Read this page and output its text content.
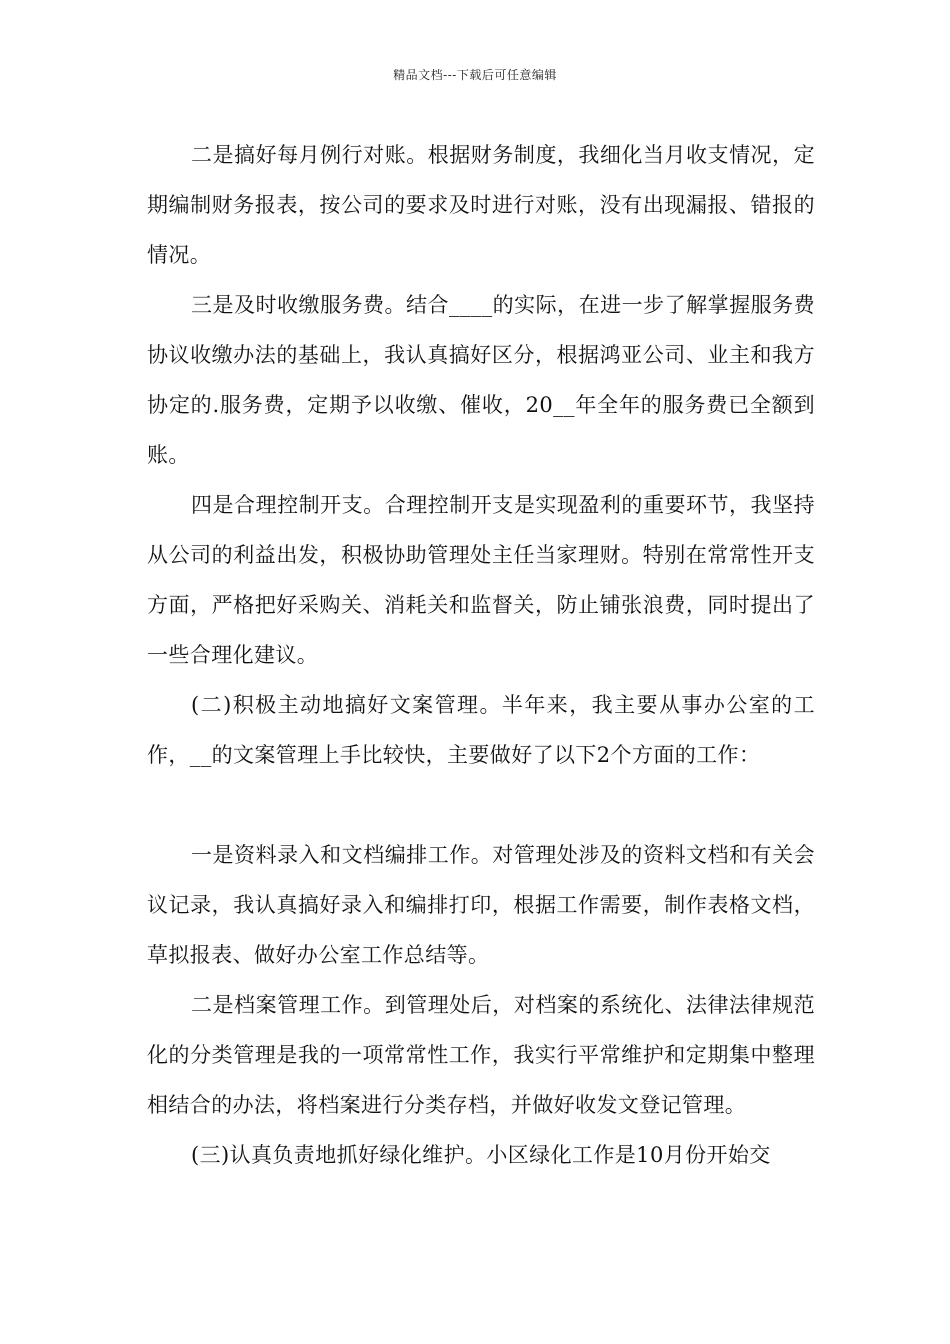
精品文档---下载后可任意编辑

二是搞好每月例行对账。根据财务制度，我细化当月收支情况，定期编制财务报表，按公司的要求及时进行对账，没有出现漏报、错报的情况。

三是及时收缴服务费。结合____的实际，在进一步了解掌握服务费协议收缴办法的基础上，我认真搞好区分，根据鸿亚公司、业主和我方协定的.服务费，定期予以收缴、催收，20__年全年的服务费已全额到账。

四是合理控制开支。合理控制开支是实现盈利的重要环节，我坚持从公司的利益出发，积极协助管理处主任当家理财。特别在常常性开支方面，严格把好采购关、消耗关和监督关，防止铺张浪费，同时提出了一些合理化建议。

(二)积极主动地搞好文案管理。半年来，我主要从事办公室的工作，__的文案管理上手比较快，主要做好了以下2个方面的工作：

一是资料录入和文档编排工作。对管理处涉及的资料文档和有关会议记录，我认真搞好录入和编排打印，根据工作需要，制作表格文档，草拟报表、做好办公室工作总结等。

二是档案管理工作。到管理处后，对档案的系统化、法律法律规范化的分类管理是我的一项常常性工作，我实行平常维护和定期集中整理相结合的办法，将档案进行分类存档，并做好收发文登记管理。

(三)认真负责地抓好绿化维护。小区绿化工作是10月份开始交
